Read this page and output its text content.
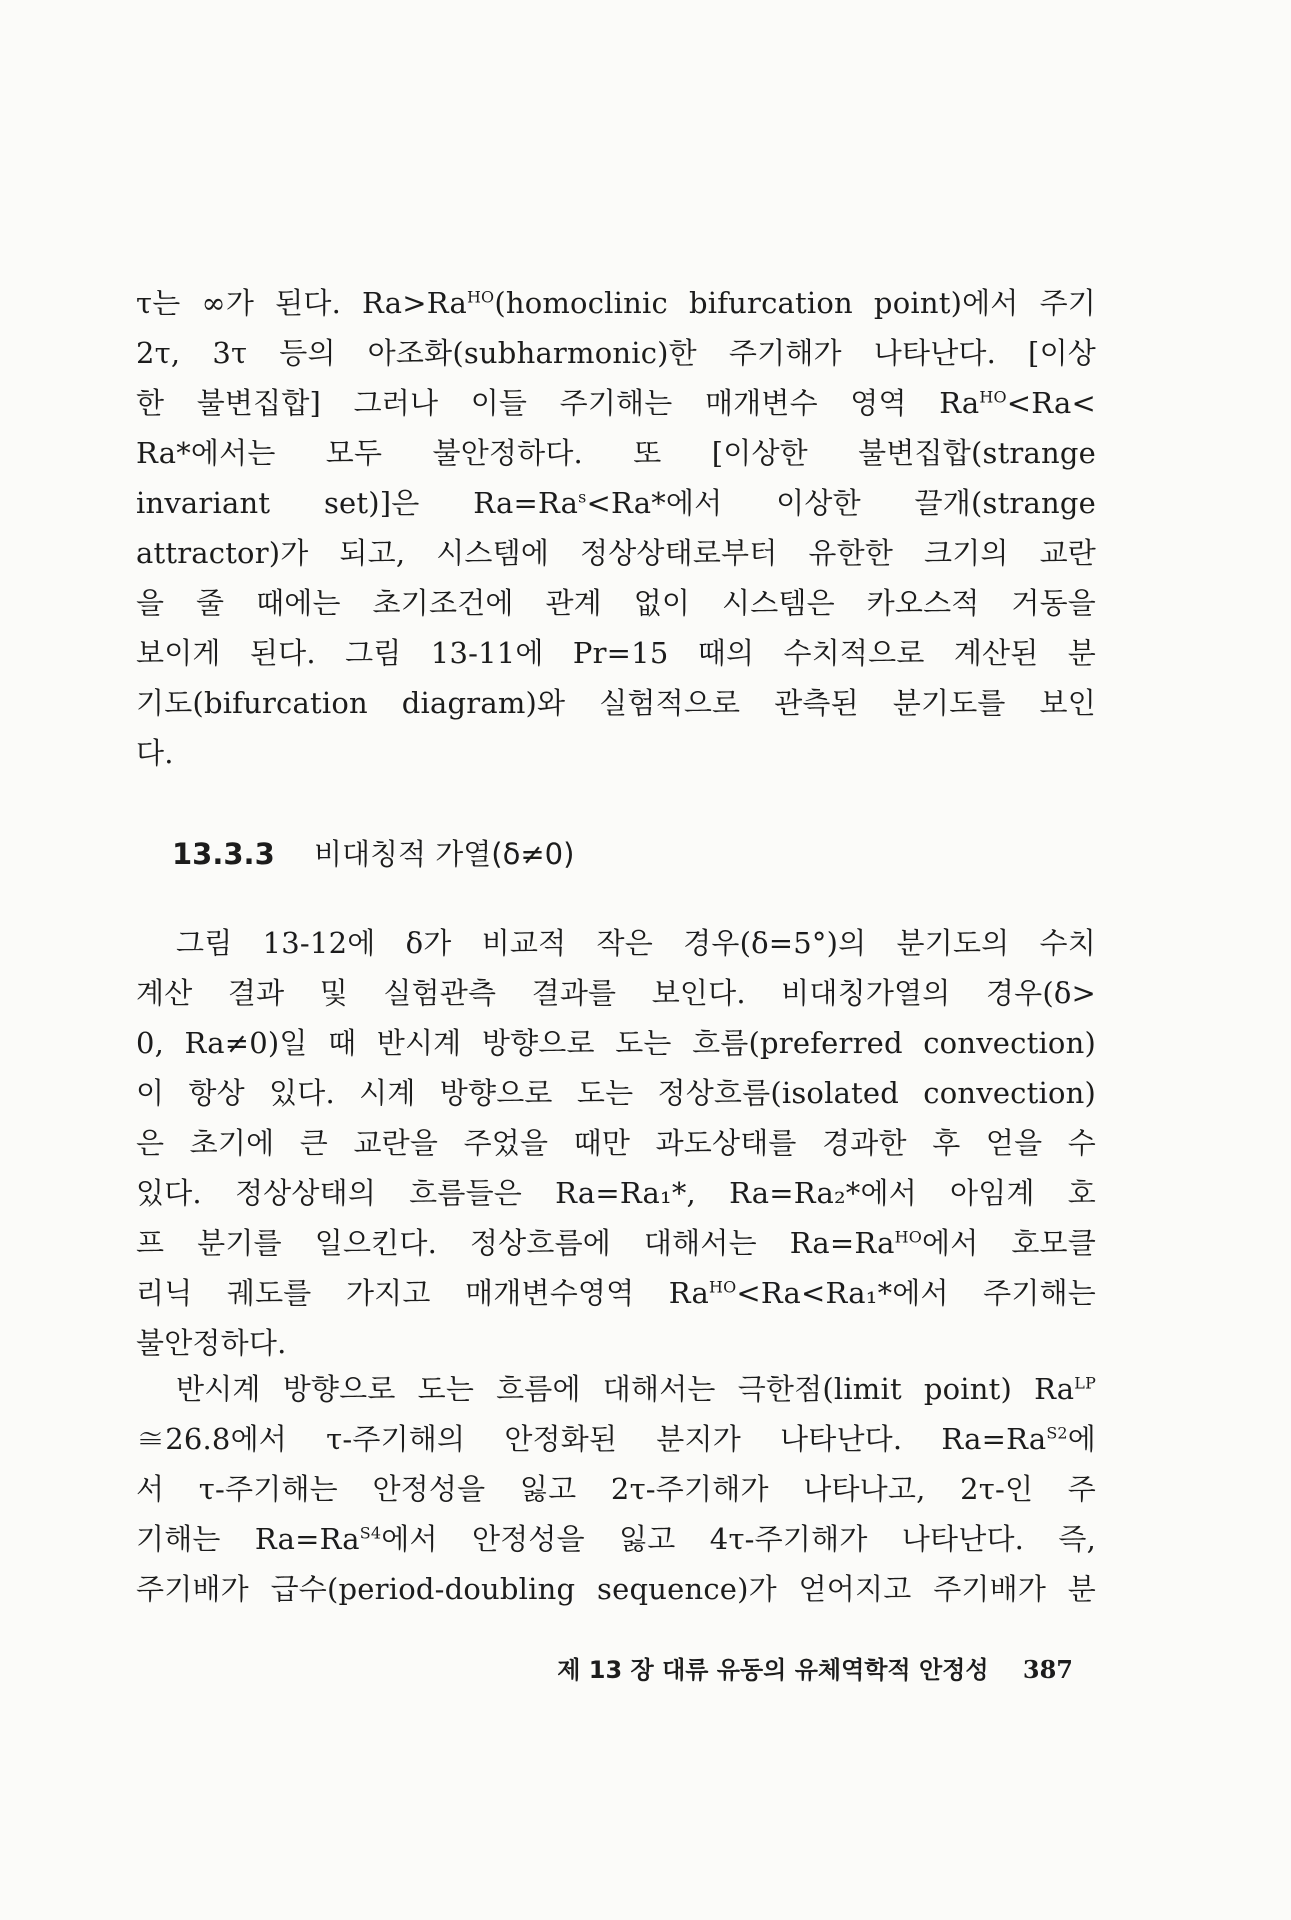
τ는 ∞가 된다. $Ra>Ra^{HO}(homoclinic$ bifurcation point)에서 주기
2τ, 3τ 등의 아조화(subharmonic)한 주기해가 나타난다. [이상
한 불변집합] 그러나 이들 주기해는 매개변수 영역 $Ra^{HO}<Ra<$
Ra*에서는 모두 불안정하다. 또 [이상한 불변집합(strange
invariant set)]은 $Ra=Ra^s<Ra*$에서 이상한 끌개(strange
attractor)가 되고, 시스템에 정상상태로부터 유한한 크기의 교란
을 줄 때에는 초기조건에 관계 없이 시스템은 카오스적 거동을
보이게 된다. 그림 13-11에 Pr=15 때의 수치적으로 계산된 분
기도(bifurcation diagram)와 실험적으로 관측된 분기도를 보인
다.
13.3.3 비대칭적 가열(δ≠0)
그림 13-12에 δ가 비교적 작은 경우(δ=5°)의 분기도의 수치
계산 결과 및 실험관측 결과를 보인다. 비대칭가열의 경우(δ>
0, Ra≠0)일 때 반시계 방향으로 도는 흐름(preferred convection)
이 항상 있다. 시계 방향으로 도는 정상흐름(isolated convection)
은 초기에 큰 교란을 주었을 때만 과도상태를 경과한 후 얻을 수
있다. 정상상태의 흐름들은 Ra=Ra₁*, Ra=Ra₂*에서 아임계 호
프 분기를 일으킨다. 정상흐름에 대해서는 $Ra=Ra^{HO}$에서 호모클
리닉 궤도를 가지고 매개변수영역 $Ra^{HO}<Ra<Ra_1*$에서 주기해는
불안정하다.
반시계 방향으로 도는 흐름에 대해서는 극한점(limit point) $Ra^{LP}$
≅26.8에서 τ-주기해의 안정화된 분지가 나타난다. $Ra=Ra^{S2}$에
서 τ-주기해는 안정성을 잃고 2τ-주기해가 나타나고, 2τ-인 주
기해는 $Ra=Ra^{S4}$에서 안정성을 잃고 4τ-주기해가 나타난다. 즉,
주기배가 급수(period-doubling sequence)가 얻어지고 주기배가 분
제 13 장 대류 유동의 유체역학적 안정성 387
